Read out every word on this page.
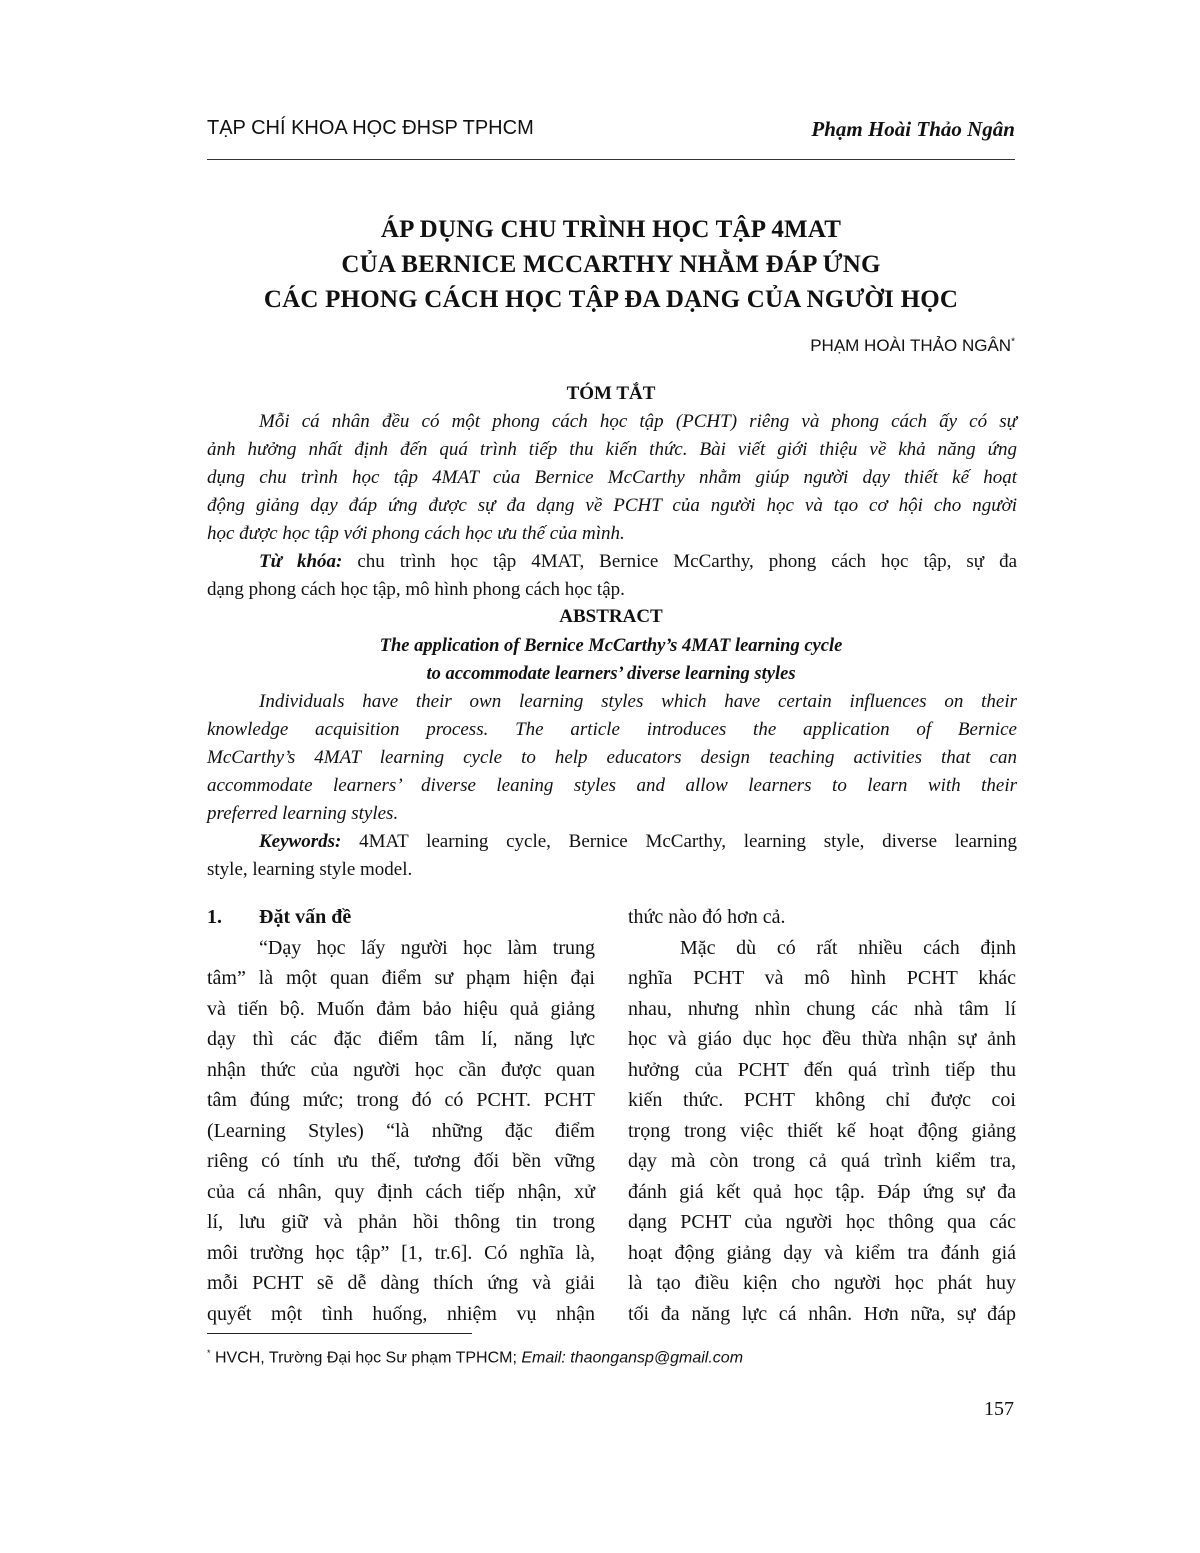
TẠP CHÍ KHOA HỌC ĐHSP TPHCM	Phạm Hoài Thảo Ngân
ÁP DỤNG CHU TRÌNH HỌC TẬP 4MAT
CỦA BERNICE MCCARTHY NHẰM ĐÁP ỨNG
CÁC PHONG CÁCH HỌC TẬP ĐA DẠNG CỦA NGƯỜI HỌC
PHẠM HOÀI THẢO NGÂN*
TÓM TẮT
Mỗi cá nhân đều có một phong cách học tập (PCHT) riêng và phong cách ấy có sự
ảnh hưởng nhất định đến quá trình tiếp thu kiến thức. Bài viết giới thiệu về khả năng ứng
dụng chu trình học tập 4MAT của Bernice McCarthy nhằm giúp người dạy thiết kế hoạt
động giảng dạy đáp ứng được sự đa dạng về PCHT của người học và tạo cơ hội cho người
học được học tập với phong cách học ưu thế của mình.
Từ khóa: chu trình học tập 4MAT, Bernice McCarthy, phong cách học tập, sự đa
dạng phong cách học tập, mô hình phong cách học tập.
ABSTRACT
The application of Bernice McCarthy’s 4MAT learning cycle
to accommodate learners’ diverse learning styles
Individuals have their own learning styles which have certain influences on their
knowledge acquisition process. The article introduces the application of Bernice
McCarthy’s 4MAT learning cycle to help educators design teaching activities that can
accommodate learners’ diverse leaning styles and allow learners to learn with their
preferred learning styles.
Keywords: 4MAT learning cycle, Bernice McCarthy, learning style, diverse learning
style, learning style model.
1. Đặt vấn đề
“Dạy học lấy người học làm trung
tâm” là một quan điểm sư phạm hiện đại
và tiến bộ. Muốn đảm bảo hiệu quả giảng
dạy thì các đặc điểm tâm lí, năng lực
nhận thức của người học cần được quan
tâm đúng mức; trong đó có PCHT. PCHT
(Learning Styles) “là những đặc điểm
riêng có tính ưu thế, tương đối bền vững
của cá nhân, quy định cách tiếp nhận, xử
lí, lưu giữ và phản hồi thông tin trong
môi trường học tập” [1, tr.6]. Có nghĩa là,
mỗi PCHT sẽ dễ dàng thích ứng và giải
quyết một tình huống, nhiệm vụ nhận
thức nào đó hơn cả.
Mặc dù có rất nhiều cách định
nghĩa PCHT và mô hình PCHT khác
nhau, nhưng nhìn chung các nhà tâm lí
học và giáo dục học đều thừa nhận sự ảnh
hưởng của PCHT đến quá trình tiếp thu
kiến thức. PCHT không chỉ được coi
trọng trong việc thiết kế hoạt động giảng
dạy mà còn trong cả quá trình kiểm tra,
đánh giá kết quả học tập. Đáp ứng sự đa
dạng PCHT của người học thông qua các
hoạt động giảng dạy và kiểm tra đánh giá
là tạo điều kiện cho người học phát huy
tối đa năng lực cá nhân. Hơn nữa, sự đáp
* HVCH, Trường Đại học Sư phạm TPHCM; Email: thaongansp@gmail.com
157
